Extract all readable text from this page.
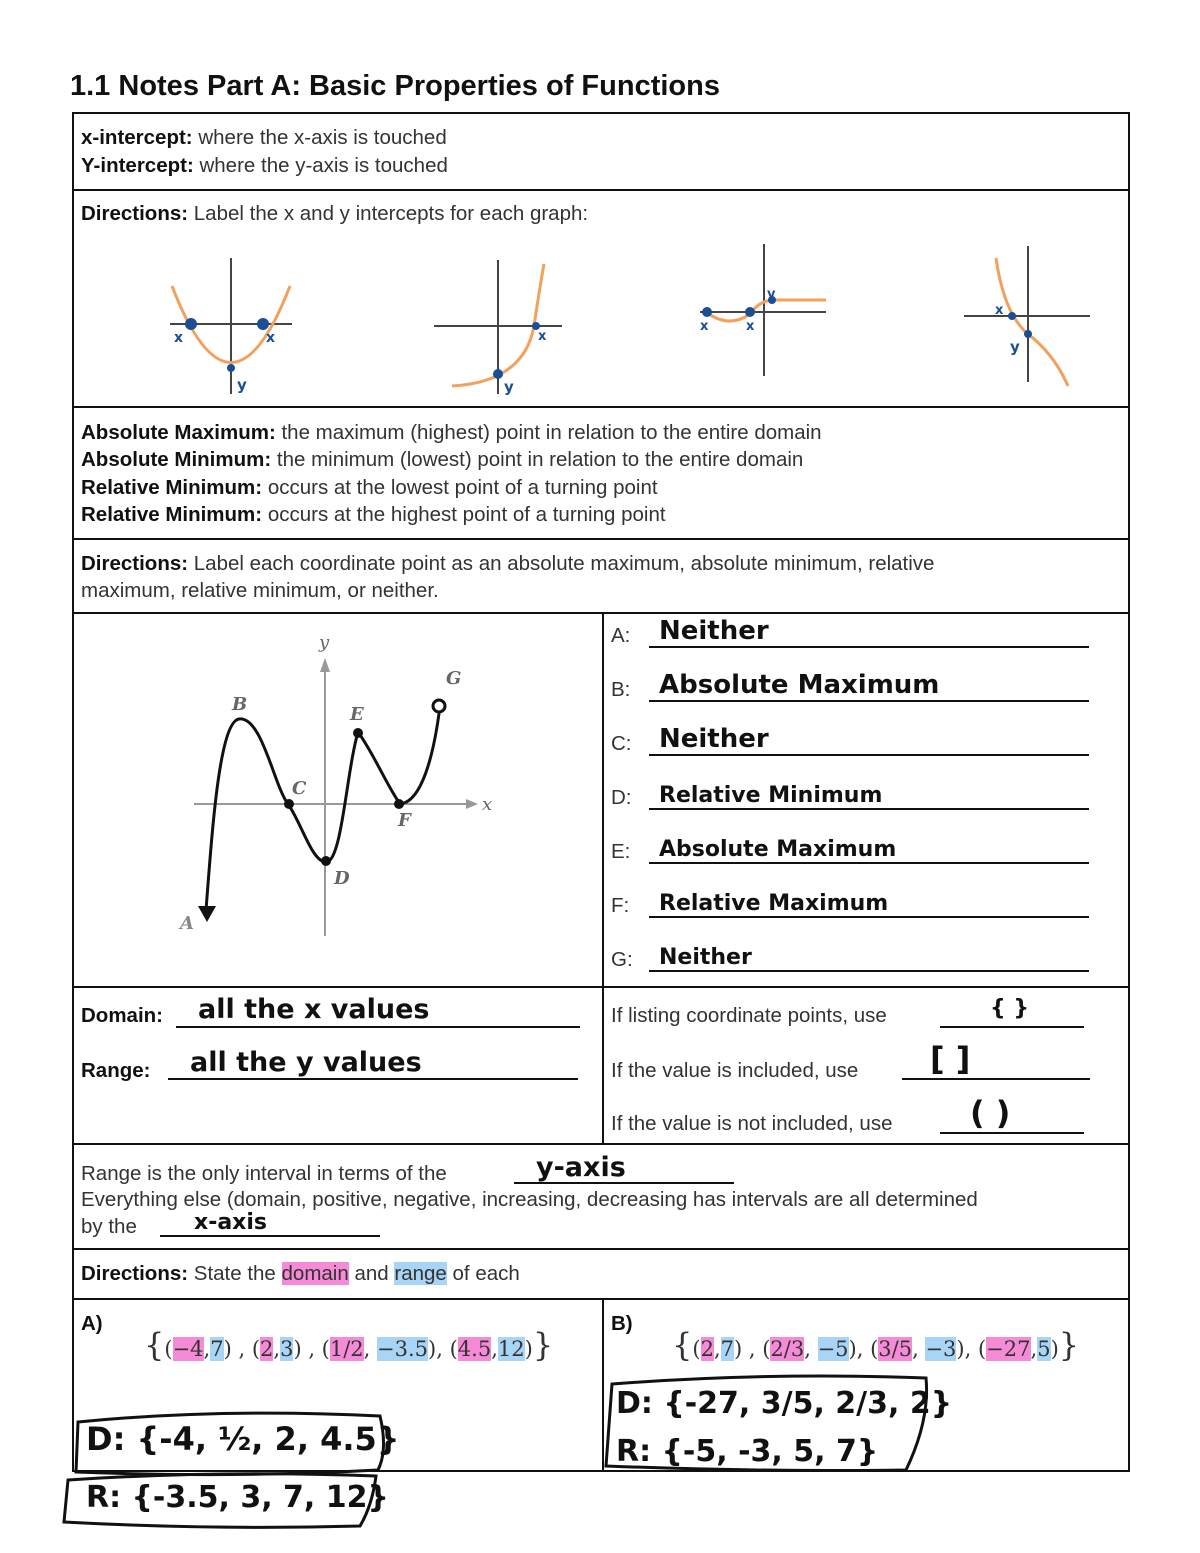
1.1 Notes Part A: Basic Properties of Functions
x-intercept: where the x-axis is touched
Y-intercept: where the y-axis is touched
Directions: Label the x and y intercepts for each graph:
x	x
y
x
y
x	x
y
x
y
Absolute Maximum: the maximum (highest) point in relation to the entire domain
Absolute Minimum: the minimum (lowest) point in relation to the entire domain
Relative Minimum: occurs at the lowest point of a turning point
Relative Minimum: occurs at the highest point of a turning point
Directions: Label each coordinate point as an absolute maximum, absolute minimum, relative
maximum, relative minimum, or neither.
x
y
A
B
C
D
E
F
G
A: Neither
B: Absolute Maximum
C: Neither
D: Relative Minimum
E: Absolute Maximum
F: Relative Maximum
G: Neither
Domain: all the x values
Range: all the y values
If listing coordinate points, use	{ }
If the value is included, use [ ]
If the value is not included, use ( )
Range is the only interval in terms of the	y-axis
Everything else (domain, positive, negative, increasing, decreasing has intervals are all determined
by the	x-axis
Directions: State the domain and range of each
A)
{(−4,7) , (2,3) , (1/2, −3.5), (4.5,12)}
D: {-4, ½, 2, 4.5}
R: {-3.5, 3, 7, 12}
B)
{(2,7) , (2/3, −5), (3/5, −3), (−27,5)}
D: {-27, 3/5, 2/3, 2}
R: {-5, -3, 5, 7}
